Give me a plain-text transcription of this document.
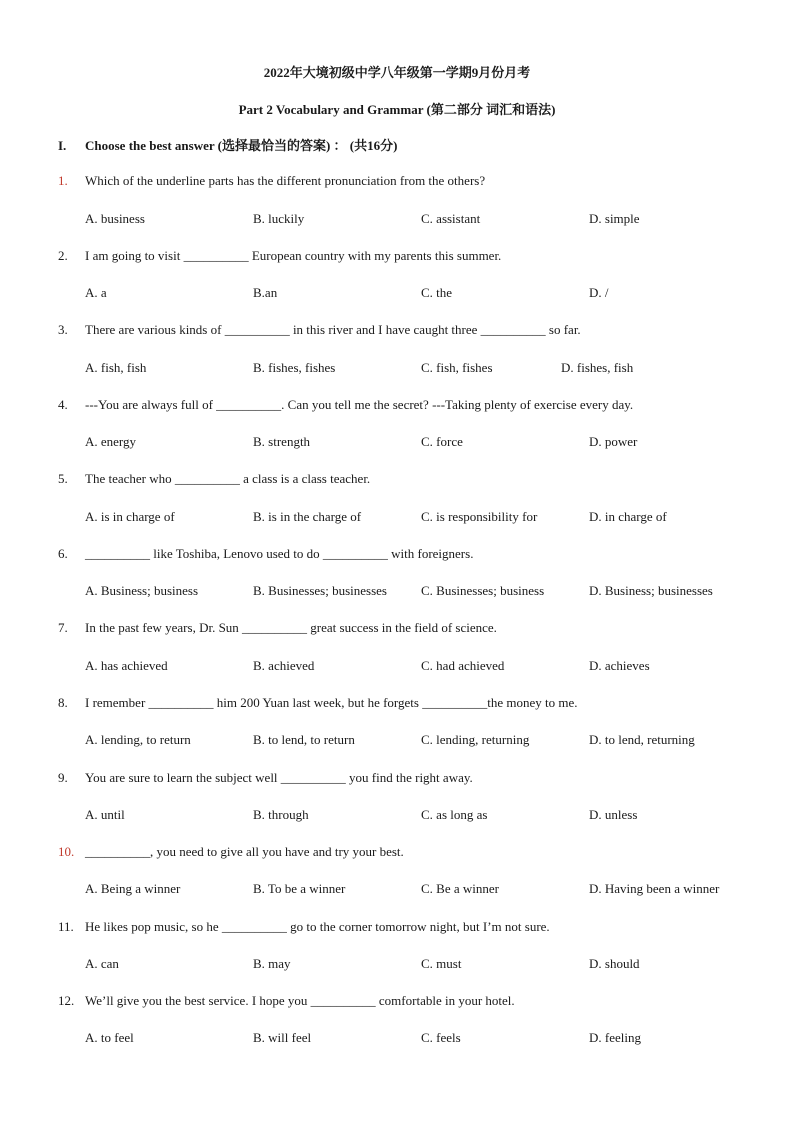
2022年大境初级中学八年级第一学期9月份月考
Part 2 Vocabulary and Grammar (第二部分 词汇和语法)
I. Choose the best answer (选择最恰当的答案) ： (共16分)
1. Which of the underline parts has the different pronunciation from the others?
A. business	B. luckily	C. assistant	D. simple
2. I am going to visit __________ European country with my parents this summer.
A. a	B.an	C. the	D. /
3. There are various kinds of __________ in this river and I have caught three __________ so far.
A. fish, fish	B. fishes, fishes	C. fish, fishes	D. fishes, fish
4. ---You are always full of __________. Can you tell me the secret? ---Taking plenty of exercise every day.
A. energy	B. strength	C. force	D. power
5. The teacher who __________ a class is a class teacher.
A. is in charge of	B. is in the charge of	C. is responsibility for	D. in charge of
6. __________ like Toshiba, Lenovo used to do __________ with foreigners.
A. Business; business	B. Businesses; businesses	C. Businesses; business	D. Business; businesses
7. In the past few years, Dr. Sun __________ great success in the field of science.
A. has achieved	B. achieved	C. had achieved	D. achieves
8. I remember __________ him 200 Yuan last week, but he forgets __________the money to me.
A. lending, to return	B. to lend, to return	C. lending, returning	D. to lend, returning
9. You are sure to learn the subject well __________ you find the right away.
A. until	B. through	C. as long as	D. unless
10. __________, you need to give all you have and try your best.
A. Being a winner	B. To be a winner	C. Be a winner	D. Having been a winner
11. He likes pop music, so he __________ go to the corner tomorrow night, but I’m not sure.
A. can	B. may	C. must	D. should
12. We’ll give you the best service. I hope you __________ comfortable in your hotel.
A. to feel	B. will feel	C. feels	D. feeling
